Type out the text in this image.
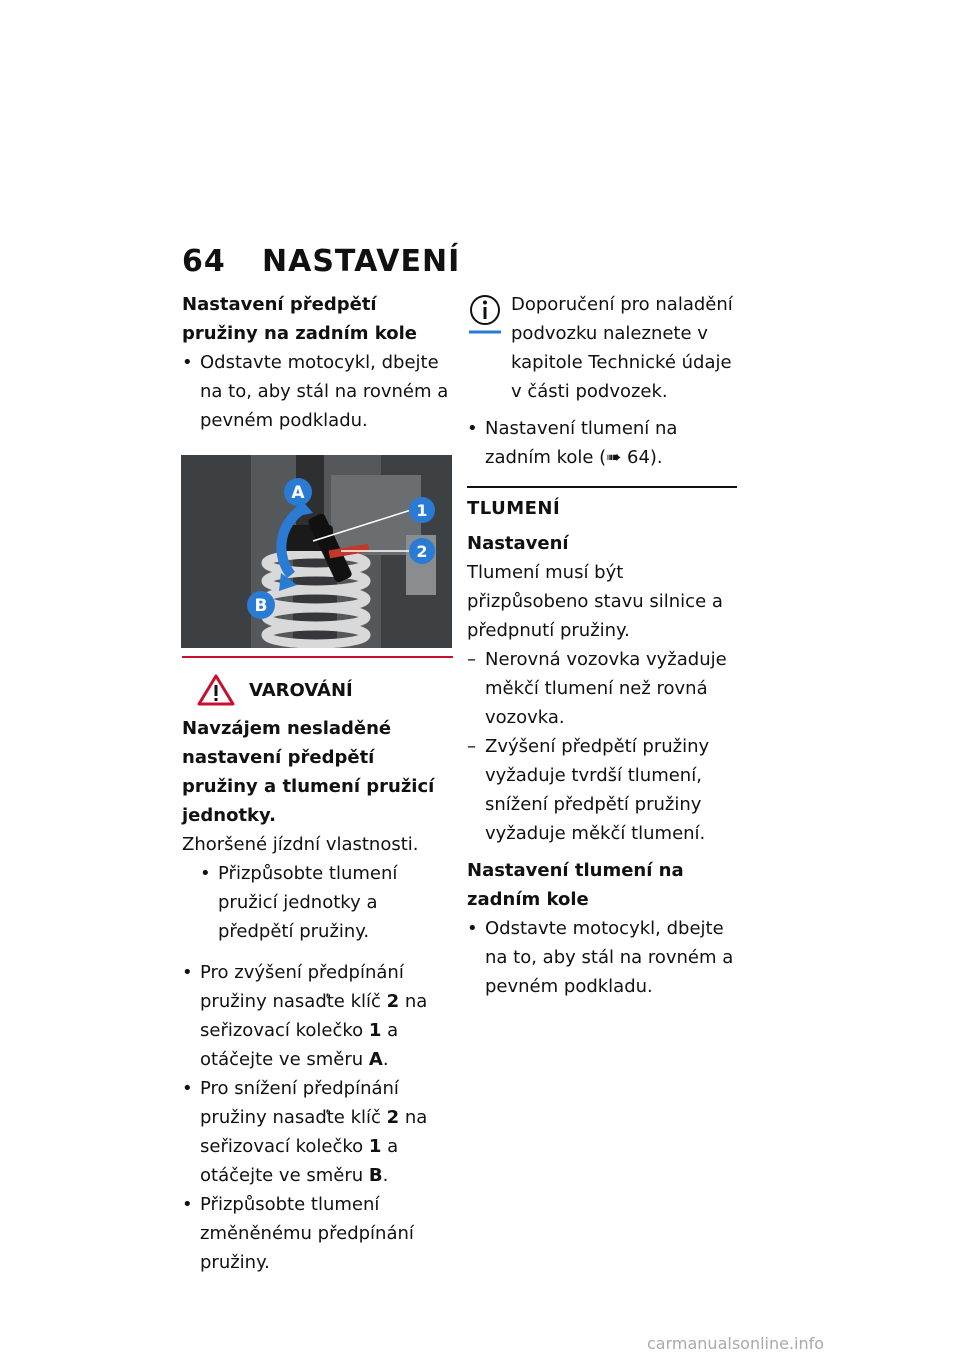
64 NASTAVENÍ

Nastavení předpětí pružiny na zadním kole

• Odstavte motocykl, dbejte na to, aby stál na rovném a pevném podkladu.

A
B
1
2
VAROVÁNÍ

Navzájem nesladěné nastavení předpětí pružiny a tlumení pružicí jednotky.

Zhoršené jízdní vlastnosti.

• Přizpůsobte tlumení pružicí jednotky a předpětí pružiny.

• Pro zvýšení předpínání pružiny nasaďte klíč 2 na seřizovací kolečko 1 a otáčejte ve směru A.

• Pro snížení předpínání pružiny nasaďte klíč 2 na seřizovací kolečko 1 a otáčejte ve směru B.

• Přizpůsobte tlumení změněnému předpínání pružiny.

Doporučení pro naladění podvozku naleznete v kapitole Technické údaje v části podvozek.

• Nastavení tlumení na zadním kole (➠ 64).

TLUMENÍ

Nastavení

Tlumení musí být přizpůsobeno stavu silnice a předpnutí pružiny.

– Nerovná vozovka vyžaduje měkčí tlumení než rovná vozovka.

– Zvýšení předpětí pružiny vyžaduje tvrdší tlumení, snížení předpětí pružiny vyžaduje měkčí tlumení.

Nastavení tlumení na zadním kole

• Odstavte motocykl, dbejte na to, aby stál na rovném a pevném podkladu.

carmanualsonline.info
